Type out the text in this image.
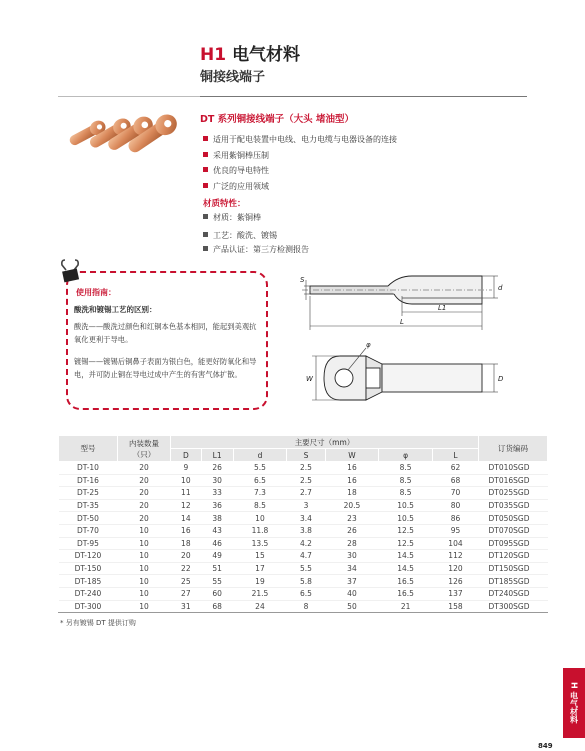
H1 电气材料
铜接线端子
DT 系列铜接线端子（大头 堵油型）
适用于配电装置中电线、电力电缆与电器设备的连接
采用紫铜棒压制
优良的导电特性
广泛的应用领域
材质特性：
材质：紫铜棒
工艺：酸洗、镀锡
产品认证：第三方检测报告
使用指南：
酸洗和镀锡工艺的区别：
酸洗——酸洗过颜色和红铜本色基本相同，能起到美观抗氧化更利于导电。
镀锡——镀锡后铜鼻子表面为银白色，能更好防氧化和导电，并可防止铜在导电过成中产生的有害气体扩散。
S
d
L1
L
φ
W	D
型号	内装数量
（只）	主要尺寸（mm）							订货编码
		D	L1	d	S	W	φ	L	
DT-10	20	9	26	5.5	2.5	16	8.5	62	DT010SGD
DT-16	20	10	30	6.5	2.5	16	8.5	68	DT016SGD
DT-25	20	11	33	7.3	2.7	18	8.5	70	DT025SGD
DT-35	20	12	36	8.5	3	20.5	10.5	80	DT035SGD
DT-50	20	14	38	10	3.4	23	10.5	86	DT050SGD
DT-70	10	16	43	11.8	3.8	26	12.5	95	DT070SGD
DT-95	10	18	46	13.5	4.2	28	12.5	104	DT095SGD
DT-120	10	20	49	15	4.7	30	14.5	112	DT120SGD
DT-150	10	22	51	17	5.5	34	14.5	120	DT150SGD
DT-185	10	25	55	19	5.8	37	16.5	126	DT185SGD
DT-240	10	27	60	21.5	6.5	40	16.5	137	DT240SGD
DT-300	10	31	68	24	8	50	21	158	DT300SGD
* 另有镀锡 DT 提供订购
H 电气材料
849
